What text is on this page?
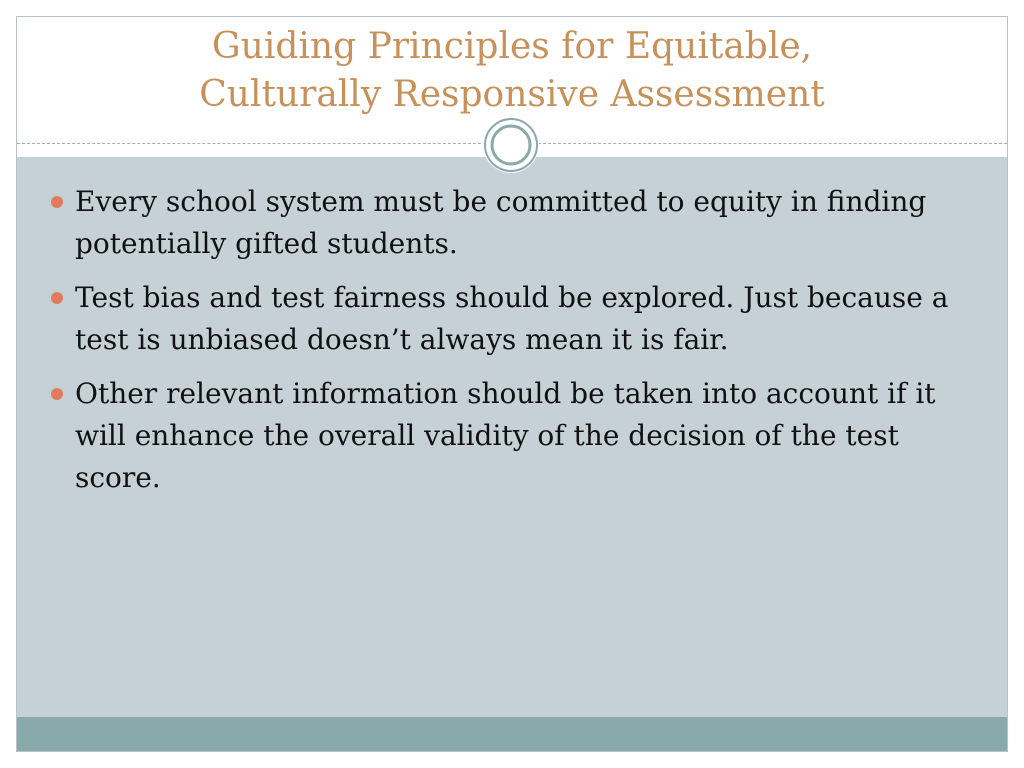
Guiding Principles for Equitable,
Culturally Responsive Assessment
Every school system must be committed to equity in finding potentially gifted students.
Test bias and test fairness should be explored. Just because a test is unbiased doesn’t always mean it is fair.
Other relevant information should be taken into account if it will enhance the overall validity of the decision of the test score.
